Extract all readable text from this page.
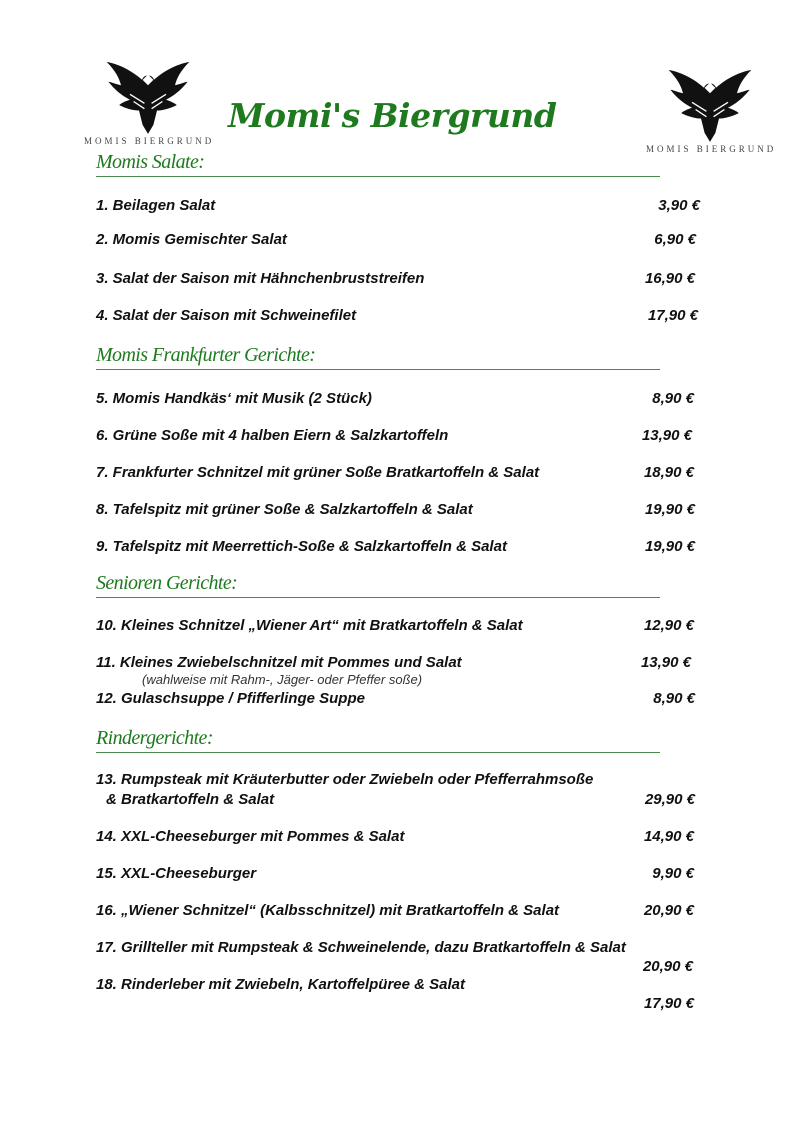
MOMIS BIERGRUND
MOMIS BIERGRUND
Momi's Biergrund
Momis Salate:
1. Beilagen Salat	3,90 €
2. Momis Gemischter Salat	6,90 €
3. Salat der Saison mit Hähnchenbruststreifen	16,90 €
4. Salat der Saison mit Schweinefilet	17,90 €
Momis Frankfurter Gerichte:
5. Momis Handkäs‘ mit Musik (2 Stück)	8,90 €
6. Grüne Soße mit 4 halben Eiern & Salzkartoffeln	13,90 €
7. Frankfurter Schnitzel mit grüner Soße Bratkartoffeln & Salat	18,90 €
8. Tafelspitz mit grüner Soße & Salzkartoffeln & Salat	19,90 €
9. Tafelspitz mit Meerrettich-Soße & Salzkartoffeln & Salat	19,90 €
Senioren Gerichte:
10. Kleines Schnitzel „Wiener Art“ mit Bratkartoffeln & Salat	12,90 €
11. Kleines Zwiebelschnitzel mit Pommes und Salat	13,90 €
(wahlweise mit Rahm-, Jäger- oder Pfeffer soße)
12. Gulaschsuppe / Pfifferlinge Suppe	8,90 €
Rindergerichte:
13. Rumpsteak mit Kräuterbutter oder Zwiebeln oder Pfefferrahmsoße
& Bratkartoffeln & Salat	29,90 €
14. XXL-Cheeseburger mit Pommes & Salat	14,90 €
15. XXL-Cheeseburger	9,90 €
16. „Wiener Schnitzel“ (Kalbsschnitzel) mit Bratkartoffeln & Salat	20,90 €
17. Grillteller mit Rumpsteak & Schweinelende, dazu Bratkartoffeln & Salat
20,90 €
18. Rinderleber mit Zwiebeln, Kartoffelpüree & Salat
17,90 €
